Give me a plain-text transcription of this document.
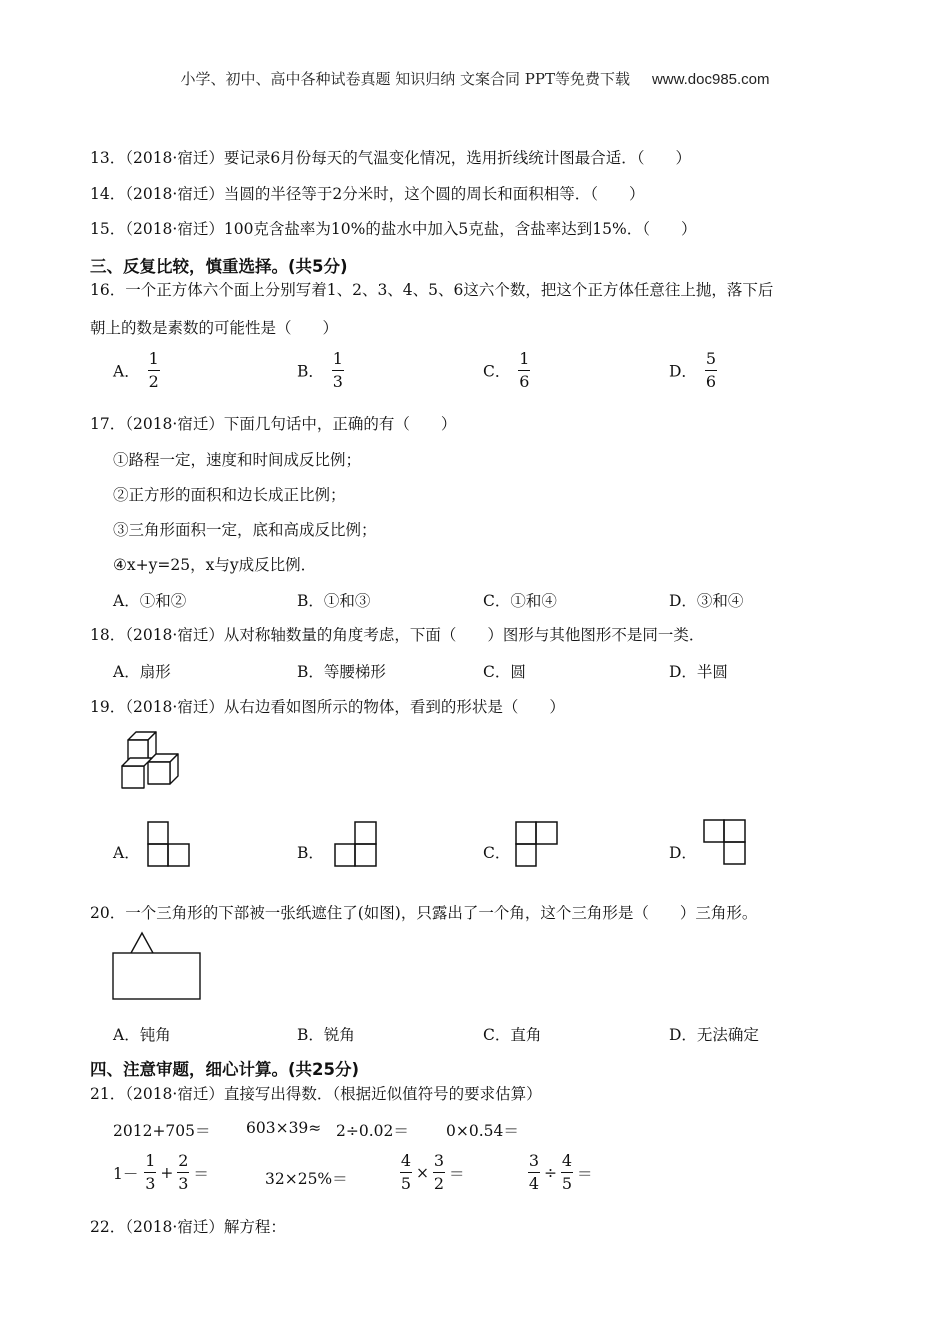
小学、初中、高中各种试卷真题 知识归纳 文案合同 PPT等免费下载 www.doc985.com
13．（2018·宿迁）要记录6月份每天的气温变化情况，选用折线统计图最合适．（　　）
14．（2018·宿迁）当圆的半径等于2分米时，这个圆的周长和面积相等．（　　）
15．（2018·宿迁）100克含盐率为10%的盐水中加入5克盐，含盐率达到15%．（　　）
三、反复比较，慎重选择。(共5分)
16．一个正方体六个面上分别写着1、2、3、4、5、6这六个数，把这个正方体任意往上抛，落下后
朝上的数是素数的可能性是（　　）
A． $\frac{1}{2}$	B． $\frac{1}{3}$	C． $\frac{1}{6}$	D． $\frac{5}{6}$
17．（2018·宿迁）下面几句话中，正确的有（　　）
①路程一定，速度和时间成反比例；
②正方形的面积和边长成正比例；
③三角形面积一定，底和高成反比例；
④x+y=25，x与y成反比例．
A．①和②	B．①和③	C．①和④	D．③和④
18．（2018·宿迁）从对称轴数量的角度考虑，下面（　　）图形与其他图形不是同一类．
A．扇形	B．等腰梯形	C．圆	D．半圆
19．（2018·宿迁）从右边看如图所示的物体，看到的形状是（　　）
A．	B．	C．	D．
20．一个三角形的下部被一张纸遮住了(如图)，只露出了一个角，这个三角形是（　　）三角形。
A．钝角	B．锐角	C．直角	D．无法确定
四、注意审题，细心计算。(共25分)
21．（2018·宿迁）直接写出得数．（根据近似值符号的要求估算）
2012+705＝ 603×39≈ 2÷0.02＝ 0×0.54＝
$1- \frac{1}{3} + \frac{2}{3}$ ＝	32×25%＝	$\frac{4}{5} \times \frac{3}{2}$ ＝	$\frac{3}{4} \div \frac{4}{5}$ ＝
22．（2018·宿迁）解方程：
